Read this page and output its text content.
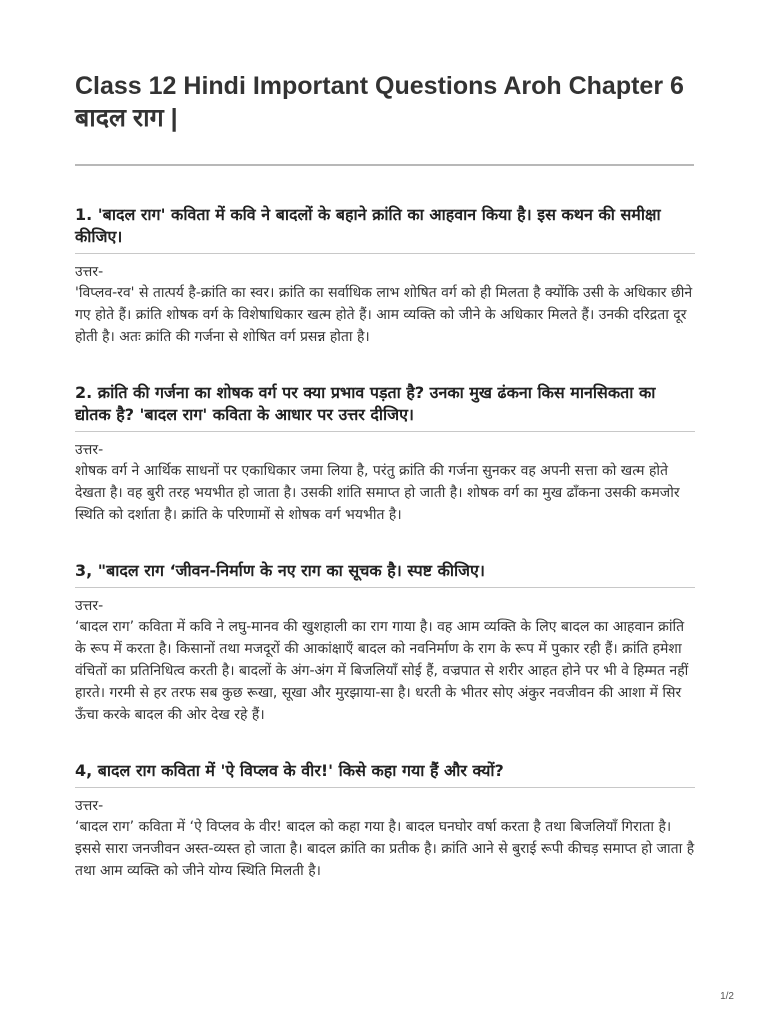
Class 12 Hindi Important Questions Aroh Chapter 6 बादल राग |

1. 'बादल राग' कविता में कवि ने बादलों के बहाने क्रांति का आहवान किया है। इस कथन की समीक्षा कीजिए।

उत्तर-

'विप्लव-रव' से तात्पर्य है-क्रांति का स्वर। क्रांति का सर्वाधिक लाभ शोषित वर्ग को ही मिलता है क्योंकि उसी के अधिकार छीने गए होते हैं। क्रांति शोषक वर्ग के विशेषाधिकार खत्म होते हैं। आम व्यक्ति को जीने के अधिकार मिलते हैं। उनकी दरिद्रता दूर होती है। अतः क्रांति की गर्जना से शोषित वर्ग प्रसन्न होता है।

2. क्रांति की गर्जना का शोषक वर्ग पर क्या प्रभाव पड़ता है? उनका मुख ढंकना किस मानसिकता का द्योतक है? 'बादल राग' कविता के आधार पर उत्तर दीजिए।

उत्तर-

शोषक वर्ग ने आर्थिक साधनों पर एकाधिकार जमा लिया है, परंतु क्रांति की गर्जना सुनकर वह अपनी सत्ता को खत्म होते देखता है। वह बुरी तरह भयभीत हो जाता है। उसकी शांति समाप्त हो जाती है। शोषक वर्ग का मुख ढाँकना उसकी कमजोर स्थिति को दर्शाता है। क्रांति के परिणामों से शोषक वर्ग भयभीत है।

3, "बादल राग ‘जीवन-निर्माण के नए राग का सूचक है। स्पष्ट कीजिए।

उत्तर-

‘बादल राग’ कविता में कवि ने लघु-मानव की खुशहाली का राग गाया है। वह आम व्यक्ति के लिए बादल का आहवान क्रांति के रूप में करता है। किसानों तथा मजदूरों की आकांक्षाएँ बादल को नवनिर्माण के राग के रूप में पुकार रही हैं। क्रांति हमेशा वंचितों का प्रतिनिधित्व करती है। बादलों के अंग-अंग में बिजलियाँ सोई हैं, वज्रपात से शरीर आहत होने पर भी वे हिम्मत नहीं हारते। गरमी से हर तरफ सब कुछ रूखा, सूखा और मुरझाया-सा है। धरती के भीतर सोए अंकुर नवजीवन की आशा में सिर ऊँचा करके बादल की ओर देख रहे हैं।

4, बादल राग कविता में 'ऐ विप्लव के वीर!' किसे कहा गया हैं और क्यों?

उत्तर-

‘बादल राग’ कविता में ‘ऐ विप्लव के वीर! बादल को कहा गया है। बादल घनघोर वर्षा करता है तथा बिजलियाँ गिराता है। इससे सारा जनजीवन अस्त-व्यस्त हो जाता है। बादल क्रांति का प्रतीक है। क्रांति आने से बुराई रूपी कीचड़ समाप्त हो जाता है तथा आम व्यक्ति को जीने योग्य स्थिति मिलती है।

1/2
